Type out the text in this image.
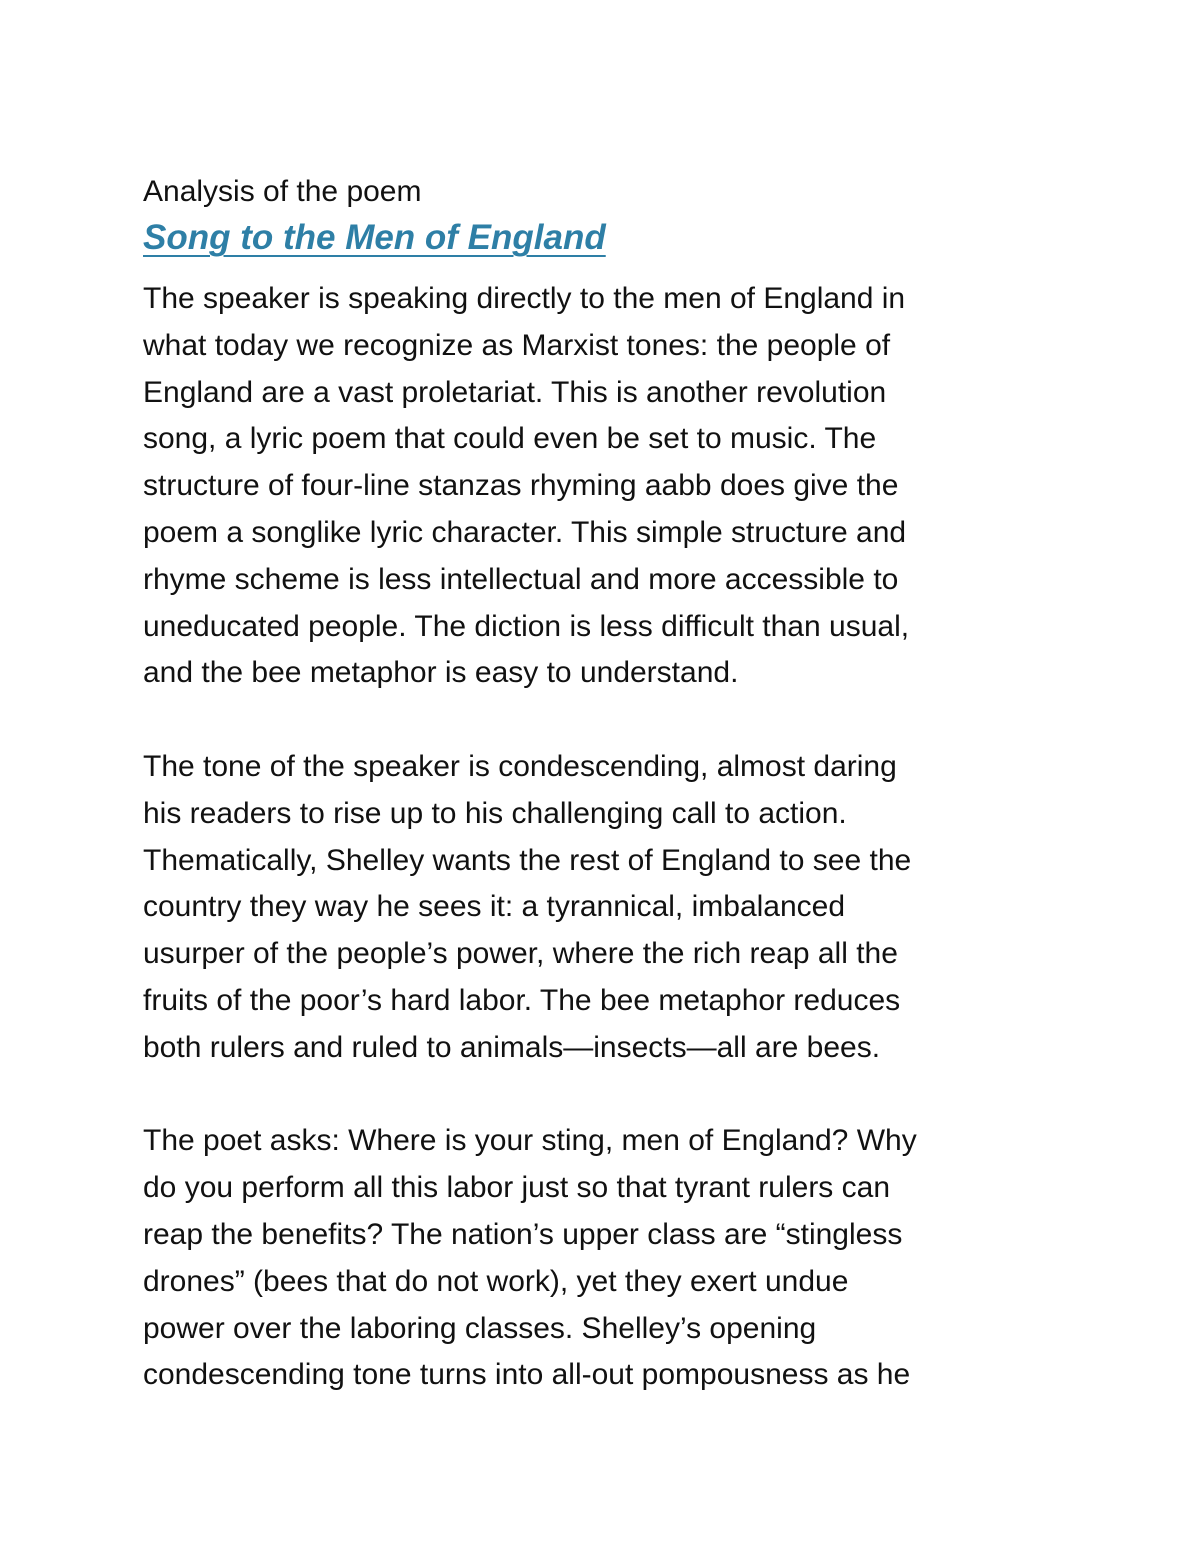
Analysis of the poem

Song to the Men of England
The speaker is speaking directly to the men of England in
what today we recognize as Marxist tones: the people of
England are a vast proletariat. This is another revolution
song, a lyric poem that could even be set to music. The
structure of four-line stanzas rhyming aabb does give the
poem a songlike lyric character. This simple structure and
rhyme scheme is less intellectual and more accessible to
uneducated people. The diction is less difficult than usual,
and the bee metaphor is easy to understand.
The tone of the speaker is condescending, almost daring
his readers to rise up to his challenging call to action.
Thematically, Shelley wants the rest of England to see the
country they way he sees it: a tyrannical, imbalanced
usurper of the people’s power, where the rich reap all the
fruits of the poor’s hard labor. The bee metaphor reduces
both rulers and ruled to animals—insects—all are bees.
The poet asks: Where is your sting, men of England? Why
do you perform all this labor just so that tyrant rulers can
reap the benefits? The nation’s upper class are “stingless
drones” (bees that do not work), yet they exert undue
power over the laboring classes. Shelley’s opening
condescending tone turns into all-out pompousness as he
